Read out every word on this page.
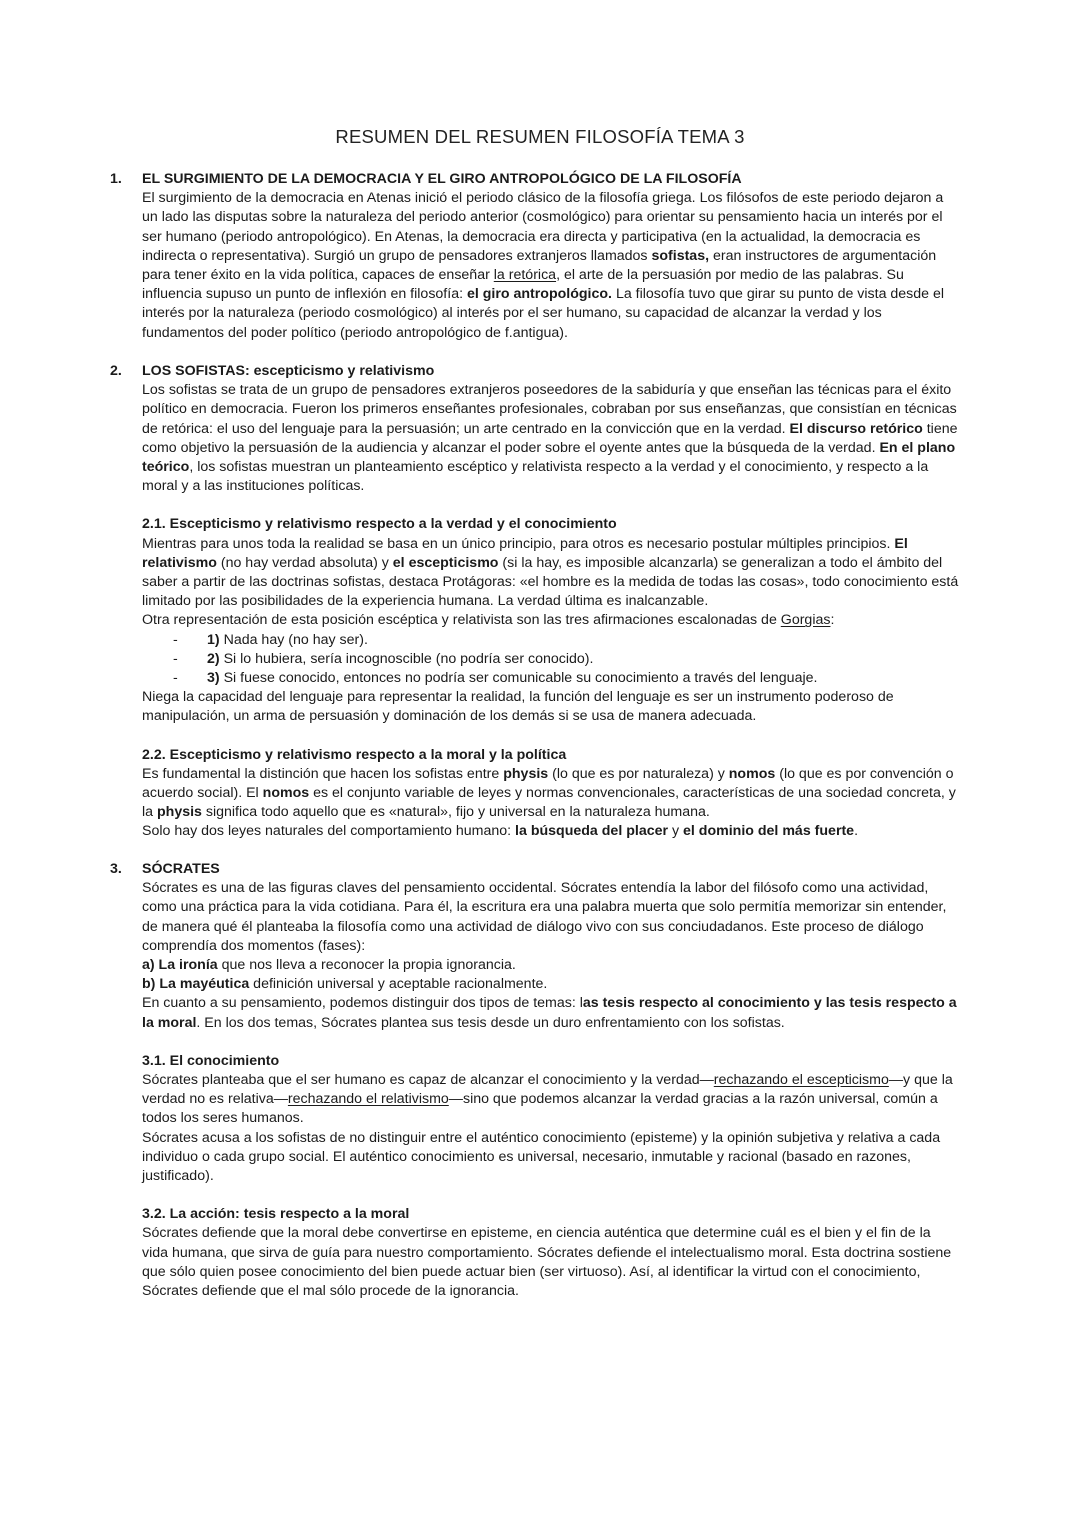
RESUMEN DEL RESUMEN FILOSOFÍA TEMA 3
1. EL SURGIMIENTO DE LA DEMOCRACIA Y EL GIRO ANTROPOLÓGICO DE LA FILOSOFÍA

El surgimiento de la democracia en Atenas inició el periodo clásico de la filosofía griega. Los filósofos de este periodo dejaron a un lado las disputas sobre la naturaleza del periodo anterior (cosmológico) para orientar su pensamiento hacia un interés por el ser humano (periodo antropológico). En Atenas, la democracia era directa y participativa (en la actualidad, la democracia es indirecta o representativa). Surgió un grupo de pensadores extranjeros llamados sofistas, eran instructores de argumentación para tener éxito en la vida política, capaces de enseñar la retórica, el arte de la persuasión por medio de las palabras. Su influencia supuso un punto de inflexión en filosofía: el giro antropológico. La filosofía tuvo que girar su punto de vista desde el interés por la naturaleza (periodo cosmológico) al interés por el ser humano, su capacidad de alcanzar la verdad y los fundamentos del poder político (periodo antropológico de f.antigua).

2. LOS SOFISTAS: escepticismo y relativismo

Los sofistas se trata de un grupo de pensadores extranjeros poseedores de la sabiduría y que enseñan las técnicas para el éxito político en democracia. Fueron los primeros enseñantes profesionales, cobraban por sus enseñanzas, que consistían en técnicas de retórica: el uso del lenguaje para la persuasión; un arte centrado en la convicción que en la verdad. El discurso retórico tiene como objetivo la persuasión de la audiencia y alcanzar el poder sobre el oyente antes que la búsqueda de la verdad. En el plano teórico, los sofistas muestran un planteamiento escéptico y relativista respecto a la verdad y el conocimiento, y respecto a la moral y a las instituciones políticas.

2.1. Escepticismo y relativismo respecto a la verdad y el conocimiento

Mientras para unos toda la realidad se basa en un único principio, para otros es necesario postular múltiples principios. El relativismo (no hay verdad absoluta) y el escepticismo (si la hay, es imposible alcanzarla) se generalizan a todo el ámbito del saber a partir de las doctrinas sofistas, destaca Protágoras: «el hombre es la medida de todas las cosas», todo conocimiento está limitado por las posibilidades de la experiencia humana. La verdad última es inalcanzable.

Otra representación de esta posición escéptica y relativista son las tres afirmaciones escalonadas de Gorgias:

- 1) Nada hay (no hay ser).
- 2) Si lo hubiera, sería incognoscible (no podría ser conocido).
- 3) Si fuese conocido, entonces no podría ser comunicable su conocimiento a través del lenguaje.

Niega la capacidad del lenguaje para representar la realidad, la función del lenguaje es ser un instrumento poderoso de manipulación, un arma de persuasión y dominación de los demás si se usa de manera adecuada.

2.2. Escepticismo y relativismo respecto a la moral y la política

Es fundamental la distinción que hacen los sofistas entre physis (lo que es por naturaleza) y nomos (lo que es por convención o acuerdo social). El nomos es el conjunto variable de leyes y normas convencionales, características de una sociedad concreta, y la physis significa todo aquello que es «natural», fijo y universal en la naturaleza humana.

Solo hay dos leyes naturales del comportamiento humano: la búsqueda del placer y el dominio del más fuerte.

3. SÓCRATES

Sócrates es una de las figuras claves del pensamiento occidental. Sócrates entendía la labor del filósofo como una actividad, como una práctica para la vida cotidiana. Para él, la escritura era una palabra muerta que solo permitía memorizar sin entender, de manera qué él planteaba la filosofía como una actividad de diálogo vivo con sus conciudadanos. Este proceso de diálogo comprendía dos momentos (fases):

a) La ironía que nos lleva a reconocer la propia ignorancia.

b) La mayéutica definición universal y aceptable racionalmente.

En cuanto a su pensamiento, podemos distinguir dos tipos de temas: las tesis respecto al conocimiento y las tesis respecto a la moral. En los dos temas, Sócrates plantea sus tesis desde un duro enfrentamiento con los sofistas.

3.1. El conocimiento

Sócrates planteaba que el ser humano es capaz de alcanzar el conocimiento y la verdad—rechazando el escepticismo—y que la verdad no es relativa—rechazando el relativismo—sino que podemos alcanzar la verdad gracias a la razón universal, común a todos los seres humanos.

Sócrates acusa a los sofistas de no distinguir entre el auténtico conocimiento (episteme) y la opinión subjetiva y relativa a cada individuo o cada grupo social. El auténtico conocimiento es universal, necesario, inmutable y racional (basado en razones, justificado).

3.2. La acción: tesis respecto a la moral

Sócrates defiende que la moral debe convertirse en episteme, en ciencia auténtica que determine cuál es el bien y el fin de la vida humana, que sirva de guía para nuestro comportamiento. Sócrates defiende el intelectualismo moral. Esta doctrina sostiene que sólo quien posee conocimiento del bien puede actuar bien (ser virtuoso). Así, al identificar la virtud con el conocimiento, Sócrates defiende que el mal sólo procede de la ignorancia.
